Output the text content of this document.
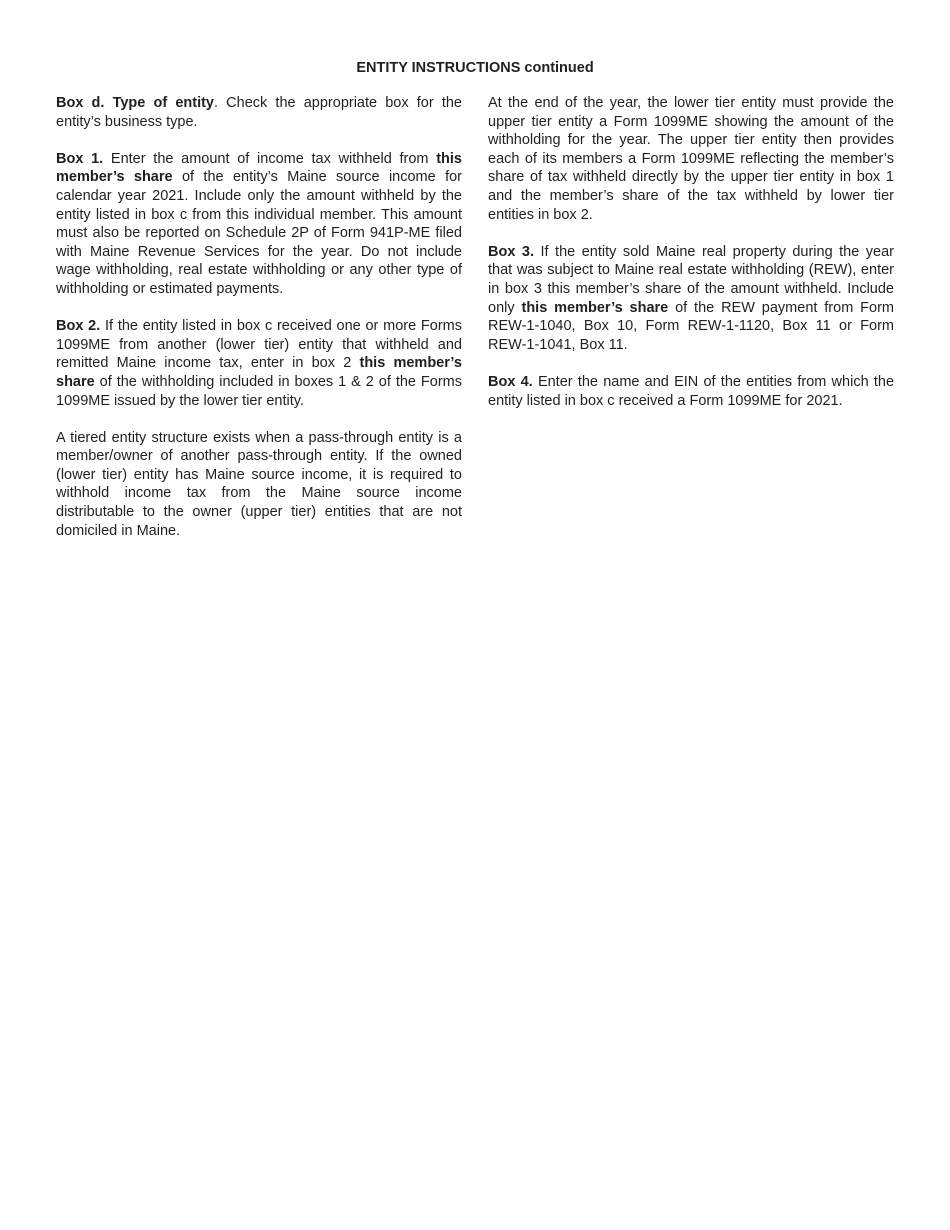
ENTITY INSTRUCTIONS continued

Box d. Type of entity. Check the appropriate box for the entity’s business type.

Box 1. Enter the amount of income tax withheld from this member’s share of the entity’s Maine source income for calendar year 2021. Include only the amount withheld by the entity listed in box c from this individual member. This amount must also be reported on Schedule 2P of Form 941P-ME filed with Maine Revenue Services for the year. Do not include wage withholding, real estate withholding or any other type of withholding or estimated payments.

Box 2. If the entity listed in box c received one or more Forms 1099ME from another (lower tier) entity that withheld and remitted Maine income tax, enter in box 2 this member’s share of the withholding included in boxes 1 & 2 of the Forms 1099ME issued by the lower tier entity.

A tiered entity structure exists when a pass-through entity is a member/owner of another pass-through entity. If the owned (lower tier) entity has Maine source income, it is required to withhold income tax from the Maine source income distributable to the owner (upper tier) entities that are not domiciled in Maine.

At the end of the year, the lower tier entity must provide the upper tier entity a Form 1099ME showing the amount of the withholding for the year. The upper tier entity then provides each of its members a Form 1099ME reflecting the member’s share of tax withheld directly by the upper tier entity in box 1 and the member’s share of the tax withheld by lower tier entities in box 2.

Box 3. If the entity sold Maine real property during the year that was subject to Maine real estate withholding (REW), enter in box 3 this member’s share of the amount withheld. Include only this member’s share of the REW payment from Form REW-1-1040, Box 10, Form REW-1-1120, Box 11 or Form REW-1-1041, Box 11.

Box 4. Enter the name and EIN of the entities from which the entity listed in box c received a Form 1099ME for 2021.
